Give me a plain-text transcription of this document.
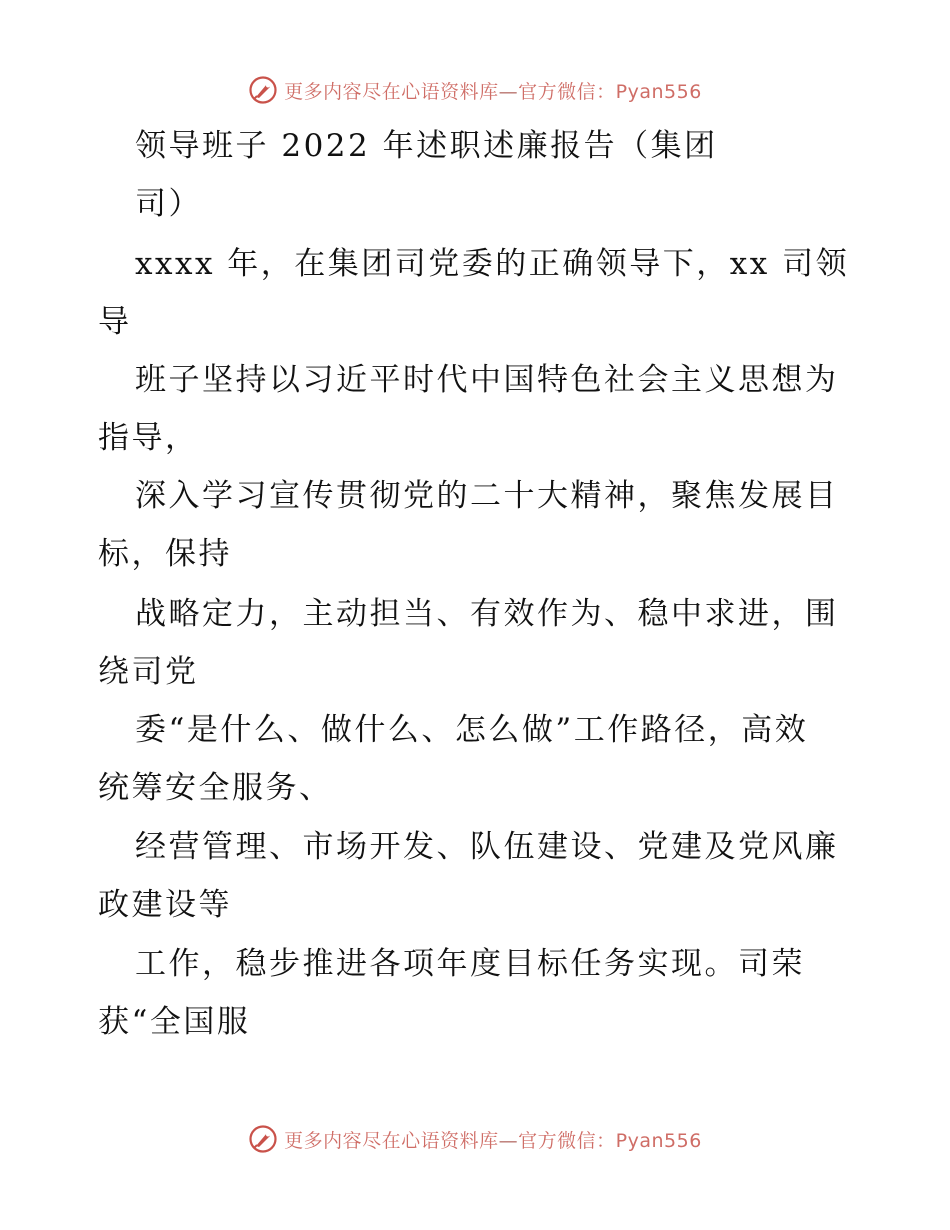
更多内容尽在心语资料库—官方微信：Pyan556
领导班子 2022 年述职述廉报告（集团
司）
xxxx 年，在集团司党委的正确领导下，xx 司领
导
班子坚持以习近平时代中国特色社会主义思想为
指导，
深入学习宣传贯彻党的二十大精神，聚焦发展目
标，保持
战略定力，主动担当、有效作为、稳中求进，围
绕司党
委“是什么、做什么、怎么做”工作路径，高效
统筹安全服务、
经营管理、市场开发、队伍建设、党建及党风廉
政建设等
工作，稳步推进各项年度目标任务实现。司荣
获“全国服
更多内容尽在心语资料库—官方微信：Pyan556
